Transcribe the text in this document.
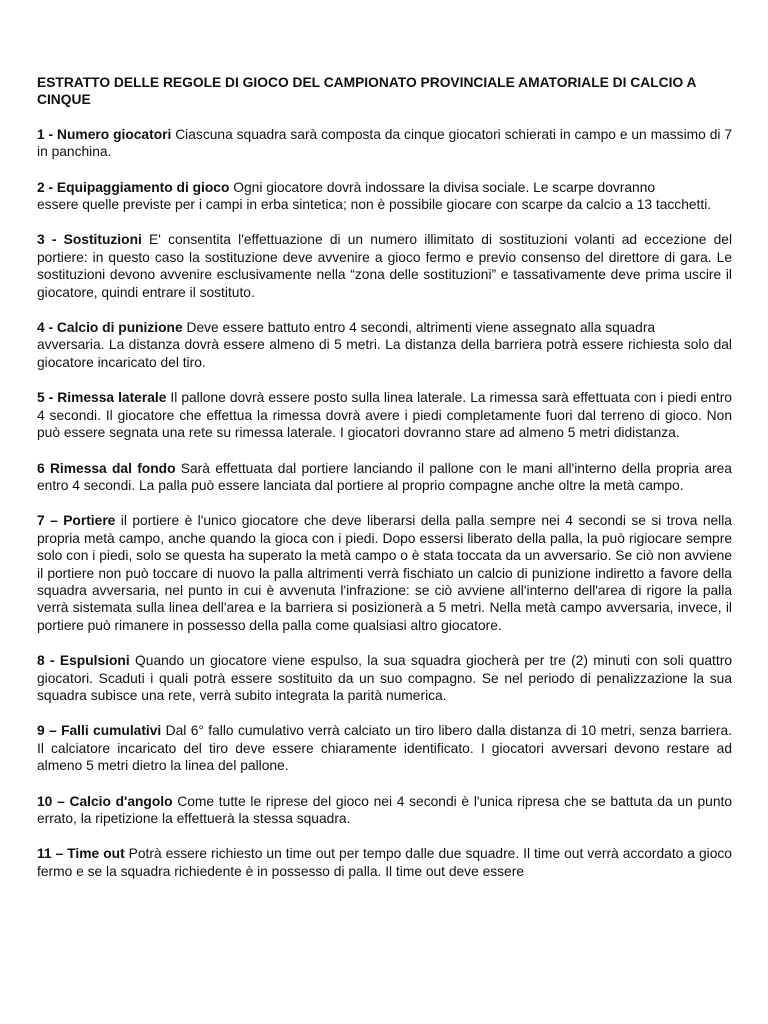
ESTRATTO DELLE REGOLE DI GIOCO DEL CAMPIONATO PROVINCIALE AMATORIALE DI CALCIO A CINQUE
1 - Numero giocatori Ciascuna squadra sarà composta da cinque giocatori schierati in campo e un massimo di 7 in panchina.
2 - Equipaggiamento di gioco Ogni giocatore dovrà indossare la divisa sociale. Le scarpe dovranno
essere quelle previste per i campi in erba sintetica; non è possibile giocare con scarpe da calcio a 13 tacchetti.
3 - Sostituzioni E' consentita l'effettuazione di un numero illimitato di sostituzioni volanti ad eccezione del portiere: in questo caso la sostituzione deve avvenire a gioco fermo e previo consenso del direttore di gara. Le sostituzioni devono avvenire esclusivamente nella “zona delle sostituzioni” e tassativamente deve prima uscire il giocatore, quindi entrare il sostituto.
4 - Calcio di punizione Deve essere battuto entro 4 secondi, altrimenti viene assegnato alla squadra
avversaria. La distanza dovrà essere almeno di 5 metri. La distanza della barriera potrà essere richiesta solo dal giocatore incaricato del tiro.
5 - Rimessa laterale Il pallone dovrà essere posto sulla linea laterale. La rimessa sarà effettuata con i piedi entro 4 secondi. Il giocatore che effettua la rimessa dovrà avere i piedi completamente fuori dal terreno di gioco. Non può essere segnata una rete su rimessa laterale. I giocatori dovranno stare ad almeno 5 metri didistanza.
6 Rimessa dal fondo Sarà effettuata dal portiere lanciando il pallone con le mani all'interno della propria area entro 4 secondi. La palla può essere lanciata dal portiere al proprio compagne anche oltre la metà campo.
7 – Portiere il portiere è l'unico giocatore che deve liberarsi della palla sempre nei 4 secondi se si trova nella propria metà campo, anche quando la gioca con i piedi. Dopo essersi liberato della palla, la può rigiocare sempre solo con i piedi, solo se questa ha superato la metà campo o è stata toccata da un avversario. Se ciò non avviene il portiere non può toccare di nuovo la palla altrimenti verrà fischiato un calcio di punizione indiretto a favore della squadra avversaria, nel punto in cui è avvenuta l'infrazione: se ciò avviene all'interno dell'area di rigore la palla verrà sistemata sulla linea dell'area e la barriera si posizionerà a 5 metri. Nella metà campo avversaria, invece, il portiere può rimanere in possesso della palla come qualsiasi altro giocatore.
8 - Espulsioni Quando un giocatore viene espulso, la sua squadra giocherà per tre (2) minuti con soli quattro giocatori. Scaduti i quali potrà essere sostituito da un suo compagno. Se nel periodo di penalizzazione la sua squadra subisce una rete, verrà subito integrata la parità numerica.
9 – Falli cumulativi Dal 6° fallo cumulativo verrà calciato un tiro libero dalla distanza di 10 metri, senza barriera. Il calciatore incaricato del tiro deve essere chiaramente identificato. I giocatori avversari devono restare ad almeno 5 metri dietro la linea del pallone.
10 – Calcio d'angolo Come tutte le riprese del gioco nei 4 secondi è l'unica ripresa che se battuta da un punto errato, la ripetizione la effettuerà la stessa squadra.
11 – Time out Potrà essere richiesto un time out per tempo dalle due squadre. Il time out verrà accordato a gioco fermo e se la squadra richiedente è in possesso di palla. Il time out deve essere
